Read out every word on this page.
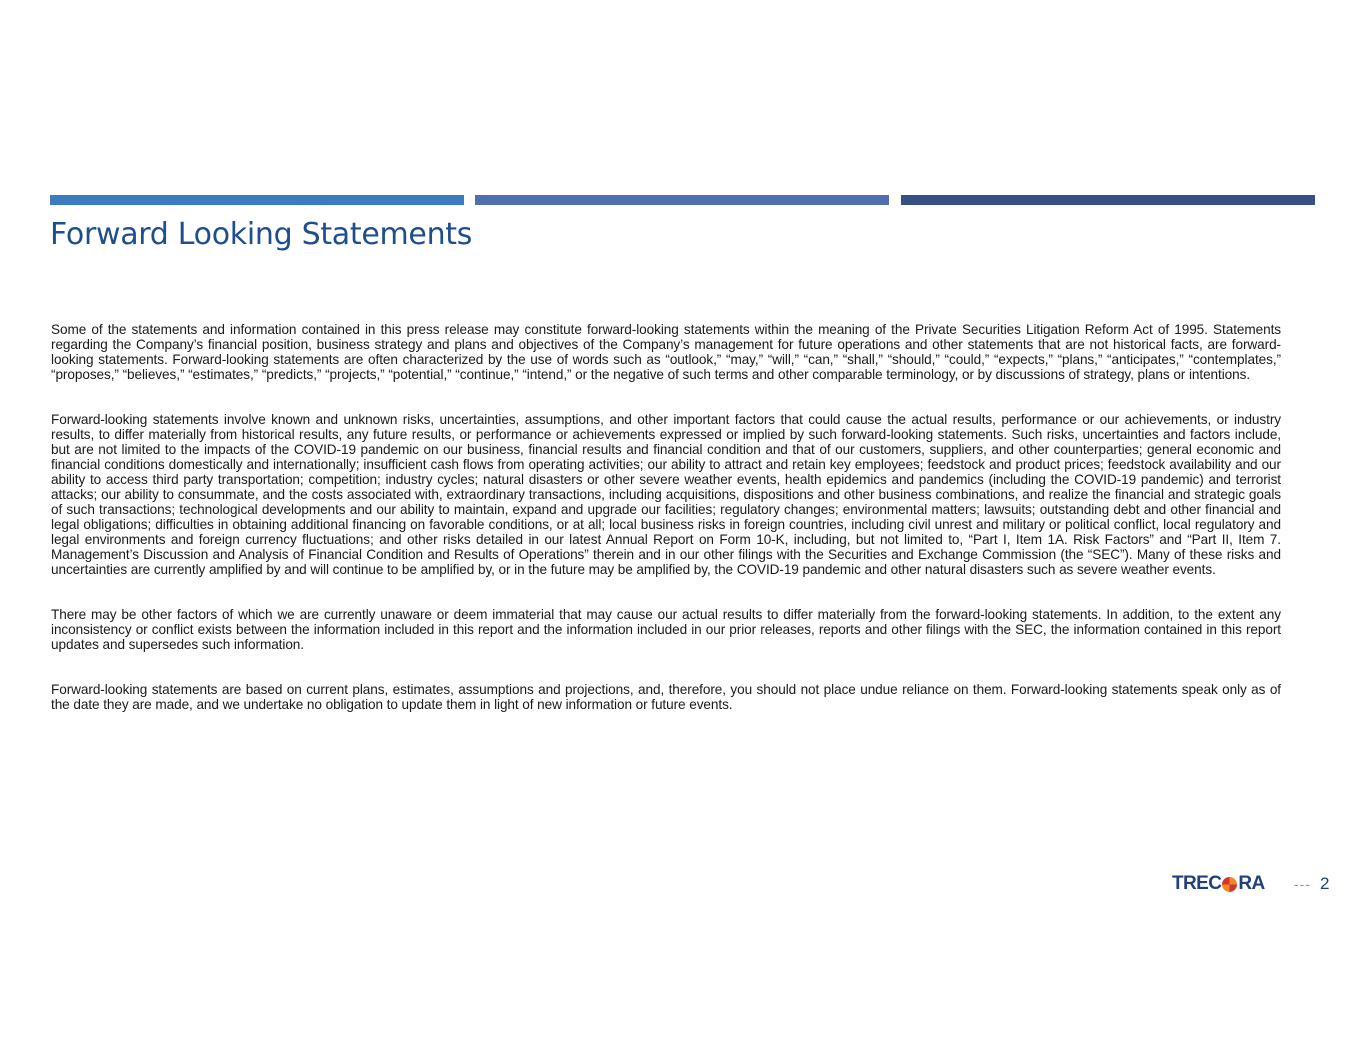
Forward Looking Statements

Some of the statements and information contained in this press release may constitute forward-looking statements within the meaning of the Private Securities Litigation Reform Act of 1995. Statements regarding the Company’s financial position, business strategy and plans and objectives of the Company’s management for future operations and other statements that are not historical facts, are forward-looking statements. Forward-looking statements are often characterized by the use of words such as “outlook,” “may,” “will,” “can,” “shall,” “should,” “could,” “expects,” “plans,” “anticipates,” “contemplates,” “proposes,” “believes,” “estimates,” “predicts,” “projects,” “potential,” “continue,” “intend,” or the negative of such terms and other comparable terminology, or by discussions of strategy, plans or intentions.

Forward-looking statements involve known and unknown risks, uncertainties, assumptions, and other important factors that could cause the actual results, performance or our achievements, or industry results, to differ materially from historical results, any future results, or performance or achievements expressed or implied by such forward-looking statements. Such risks, uncertainties and factors include, but are not limited to the impacts of the COVID-19 pandemic on our business, financial results and financial condition and that of our customers, suppliers, and other counterparties; general economic and financial conditions domestically and internationally; insufficient cash flows from operating activities; our ability to attract and retain key employees; feedstock and product prices; feedstock availability and our ability to access third party transportation; competition; industry cycles; natural disasters or other severe weather events, health epidemics and pandemics (including the COVID-19 pandemic) and terrorist attacks; our ability to consummate, and the costs associated with, extraordinary transactions, including acquisitions, dispositions and other business combinations, and realize the financial and strategic goals of such transactions; technological developments and our ability to maintain, expand and upgrade our facilities; regulatory changes; environmental matters; lawsuits; outstanding debt and other financial and legal obligations; difficulties in obtaining additional financing on favorable conditions, or at all; local business risks in foreign countries, including civil unrest and military or political conflict, local regulatory and legal environments and foreign currency fluctuations; and other risks detailed in our latest Annual Report on Form 10-K, including, but not limited to, “Part I, Item 1A. Risk Factors” and “Part II, Item 7. Management’s Discussion and Analysis of Financial Condition and Results of Operations” therein and in our other filings with the Securities and Exchange Commission (the “SEC”). Many of these risks and uncertainties are currently amplified by and will continue to be amplified by, or in the future may be amplified by, the COVID-19 pandemic and other natural disasters such as severe weather events.

There may be other factors of which we are currently unaware or deem immaterial that may cause our actual results to differ materially from the forward-looking statements. In addition, to the extent any inconsistency or conflict exists between the information included in this report and the information included in our prior releases, reports and other filings with the SEC, the information contained in this report updates and supersedes such information.

Forward-looking statements are based on current plans, estimates, assumptions and projections, and, therefore, you should not place undue reliance on them. Forward-looking statements speak only as of the date they are made, and we undertake no obligation to update them in light of new information or future events.

TREC RA --- 2
